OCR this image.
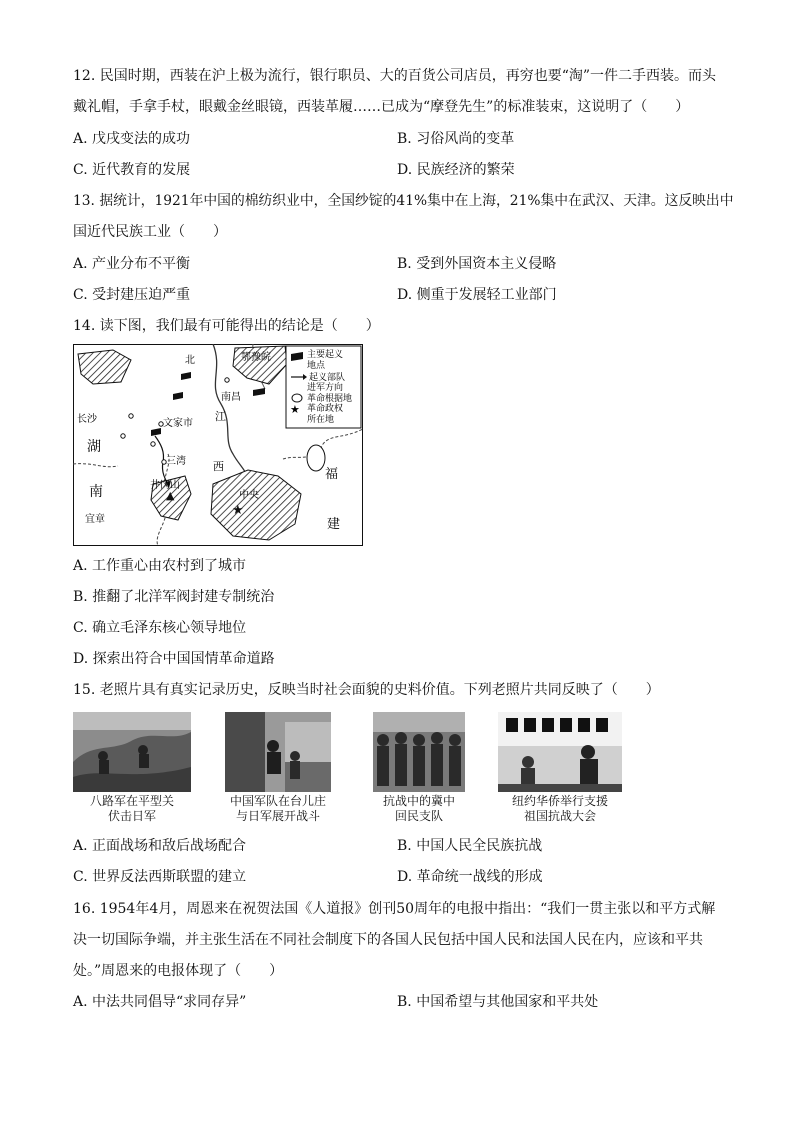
12. 民国时期，西装在沪上极为流行，银行职员、大的百货公司店员，再穷也要“淘”一件二手西装。而头
戴礼帽，手拿手杖，眼戴金丝眼镜，西装革履……已成为“摩登先生”的标准装束，这说明了（　　）
A. 戊戌变法的成功	B. 习俗风尚的变革
C. 近代教育的发展	D. 民族经济的繁荣
13. 据统计，1921年中国的棉纺织业中，全国纱锭的41%集中在上海，21%集中在武汉、天津。这反映出中
国近代民族工业（　　）
A. 产业分布不平衡	B. 受到外国资本主义侵略
C. 受封建压迫严重	D. 侧重于发展轻工业部门
14. 读下图，我们最有可能得出的结论是（　　）
▲
★
北	鄂豫皖
南昌
长沙	文家市
江
湖
三湾 西
福
南	井冈山
中央
建
宜章
主要起义
地点
起义部队
进军方向
革命根据地
★ 革命政权
所在地
A. 工作重心由农村到了城市
B. 推翻了北洋军阀封建专制统治
C. 确立毛泽东核心领导地位
D. 探索出符合中国国情革命道路
15. 老照片具有真实记录历史，反映当时社会面貌的史料价值。下列老照片共同反映了（　　）
八路军在平型关
伏击日军
中国军队在台儿庄
与日军展开战斗
抗战中的冀中
回民支队
纽约华侨举行支援
祖国抗战大会
A. 正面战场和敌后战场配合	B. 中国人民全民族抗战
C. 世界反法西斯联盟的建立	D. 革命统一战线的形成
16. 1954年4月，周恩来在祝贺法国《人道报》创刊50周年的电报中指出：“我们一贯主张以和平方式解
决一切国际争端，并主张生活在不同社会制度下的各国人民包括中国人民和法国人民在内，应该和平共
处。”周恩来的电报体现了（　　）
A. 中法共同倡导“求同存异”	B. 中国希望与其他国家和平共处
